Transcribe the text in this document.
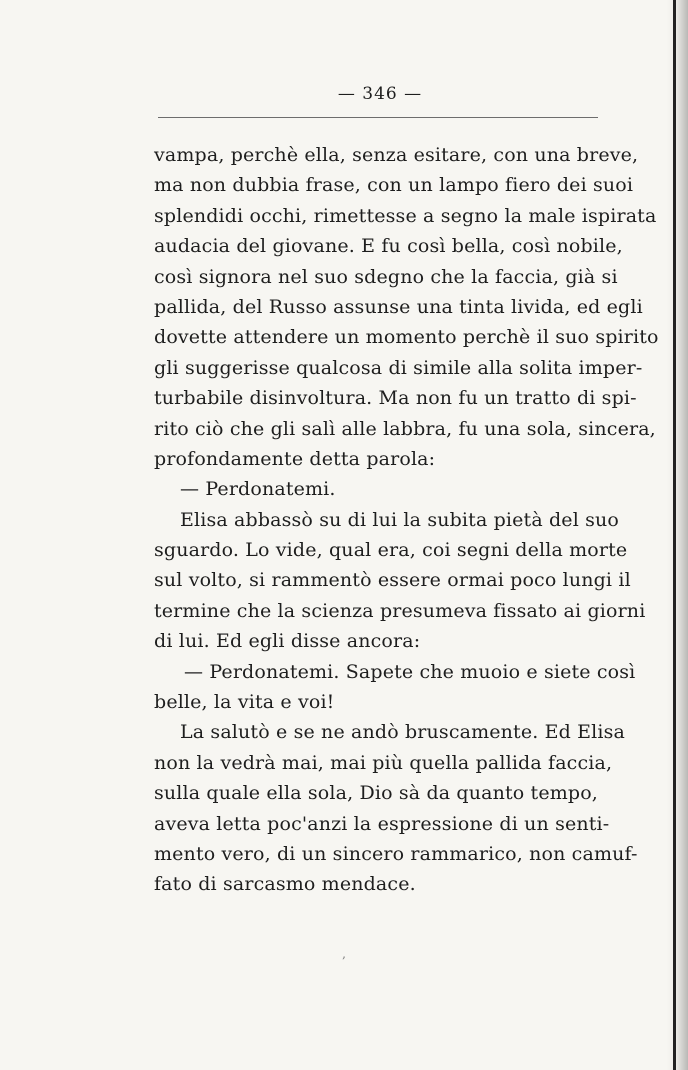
— 346 —
vampa, perchè ella, senza esitare, con una breve,
ma non dubbia frase, con un lampo fiero dei suoi
splendidi occhi, rimettesse a segno la male ispirata
audacia del giovane. E fu così bella, così nobile,
così signora nel suo sdegno che la faccia, già si
pallida, del Russo assunse una tinta livida, ed egli
dovette attendere un momento perchè il suo spirito
gli suggerisse qualcosa di simile alla solita imper-
turbabile disinvoltura. Ma non fu un tratto di spi-
rito ciò che gli salì alle labbra, fu una sola, sincera,
profondamente detta parola:
— Perdonatemi.
Elisa abbassò su di lui la subita pietà del suo
sguardo. Lo vide, qual era, coi segni della morte
sul volto, si rammentò essere ormai poco lungi il
termine che la scienza presumeva fissato ai giorni
di lui. Ed egli disse ancora:
— Perdonatemi. Sapete che muoio e siete così
belle, la vita e voi!
La salutò e se ne andò bruscamente. Ed Elisa
non la vedrà mai, mai più quella pallida faccia,
sulla quale ella sola, Dio sà da quanto tempo,
aveva letta poc'anzi la espressione di un senti-
mento vero, di un sincero rammarico, non camuf-
fato di sarcasmo mendace.
‚
